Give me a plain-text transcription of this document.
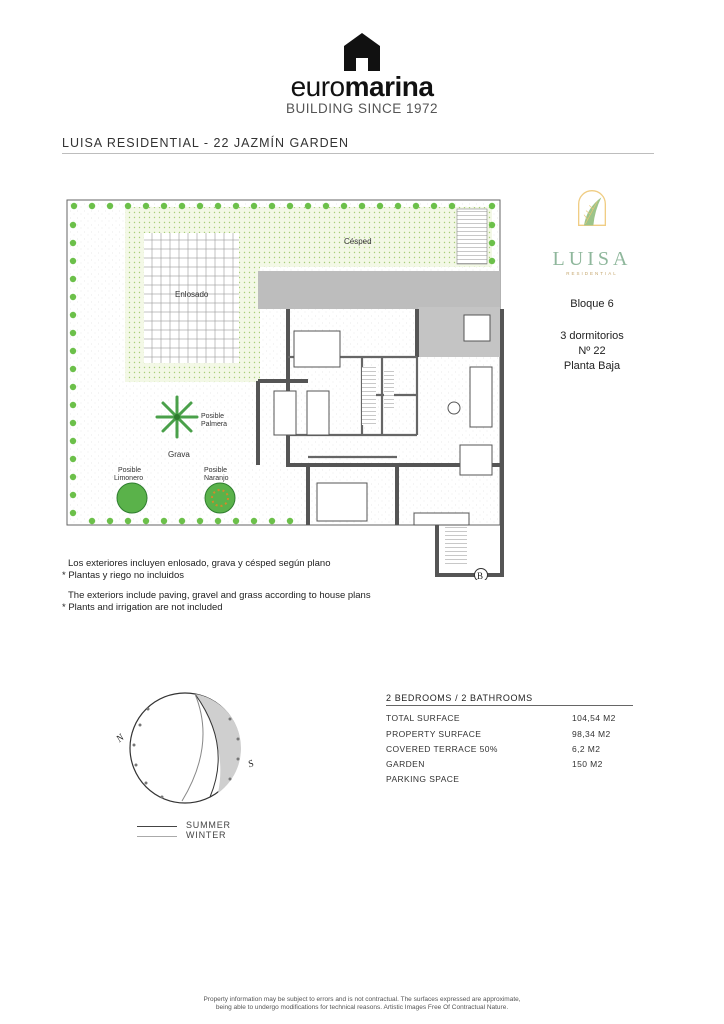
euromarina
BUILDING SINCE 1972
LUISA RESIDENTIAL - 22 JAZMÍN GARDEN
Césped
Enlosado
Grava
Posible
Palmera
Posible
Limonero
Posible
Naranjo
B
LUISA
RESIDENTIAL
Bloque 6
3 dormitorios
Nº 22
Planta Baja
Los exteriores incluyen enlosado, grava y césped según plano
* Plantas y riego no incluidos
The exteriors include paving, gravel and grass according to house plans
* Plants and irrigation are not included
N
S
SUMMER
WINTER
2 BEDROOMS / 2 BATHROOMS
TOTAL SURFACE	104,54 M2
PROPERTY SURFACE	98,34 M2
COVERED TERRACE 50%	6,2 M2
GARDEN	150 M2
PARKING SPACE
Property information may be subject to errors and is not contractual. The surfaces expressed are approximate,
being able to undergo modifications for technical reasons. Artistic Images Free Of Contractual Nature.
